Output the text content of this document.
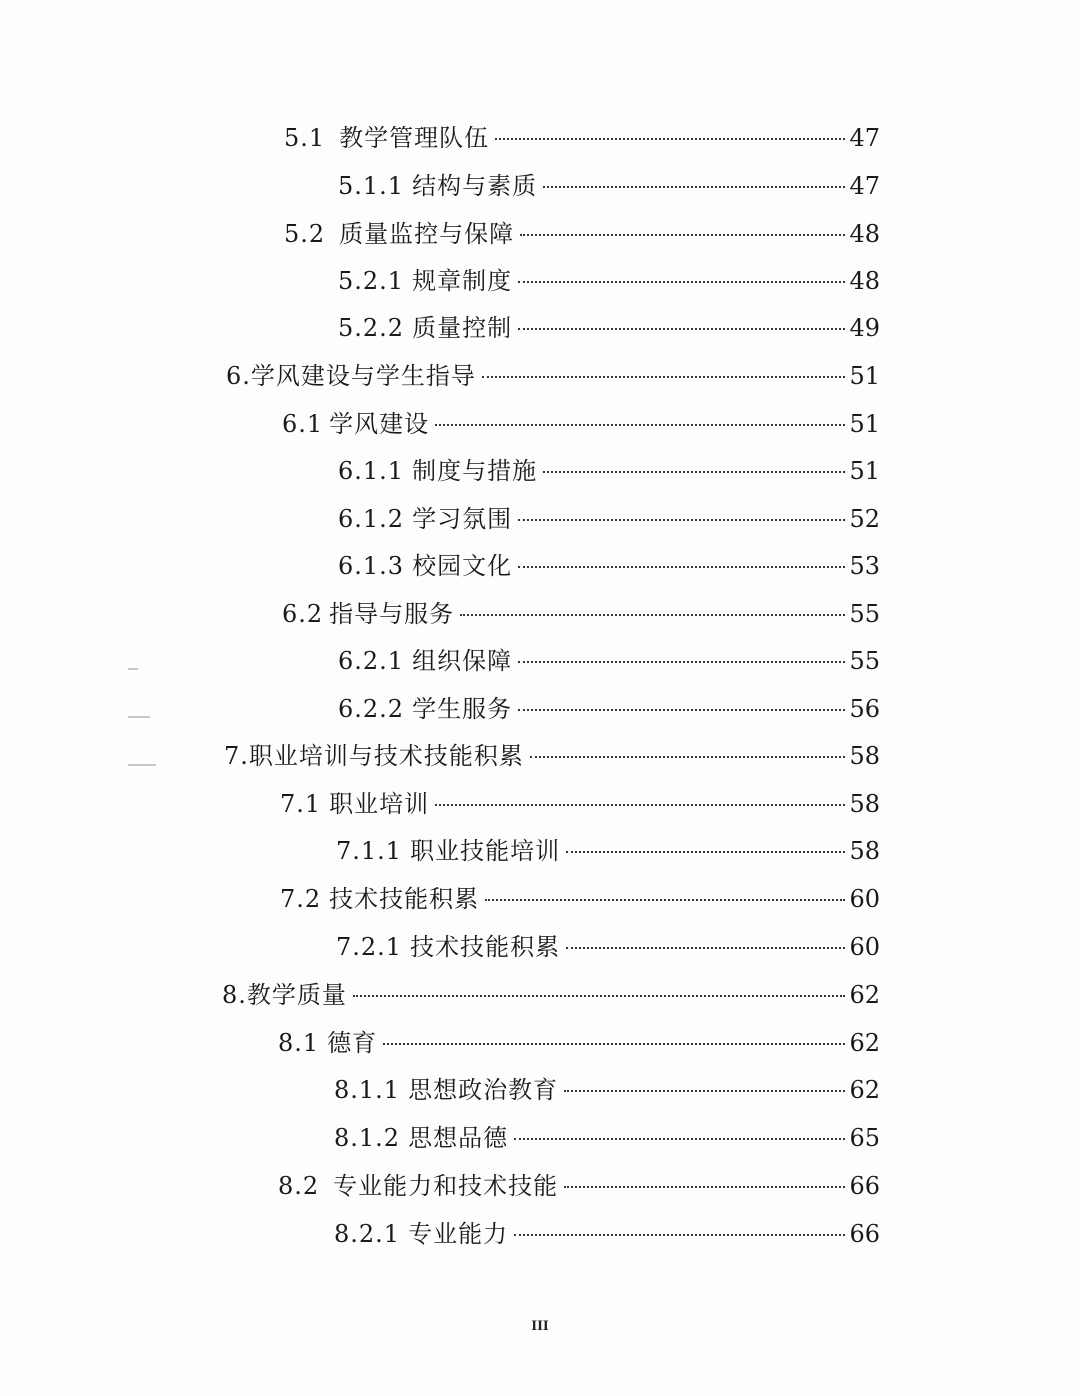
5.1 教学管理队伍	47
5.1.1 结构与素质	47
5.2 质量监控与保障	48
5.2.1 规章制度	48
5.2.2 质量控制	49
6. 学风建设与学生指导	51
6.1 学风建设	51
6.1.1 制度与措施	51
6.1.2 学习氛围	52
6.1.3 校园文化	53
6.2 指导与服务	55
6.2.1 组织保障	55
6.2.2 学生服务	56
7. 职业培训与技术技能积累	58
7.1 职业培训	58
7.1.1 职业技能培训	58
7.2 技术技能积累	60
7.2.1 技术技能积累	60
8. 教学质量	62
8.1 德育	62
8.1.1 思想政治教育	62
8.1.2 思想品德	65
8.2 专业能力和技术技能	66
8.2.1 专业能力	66
III
